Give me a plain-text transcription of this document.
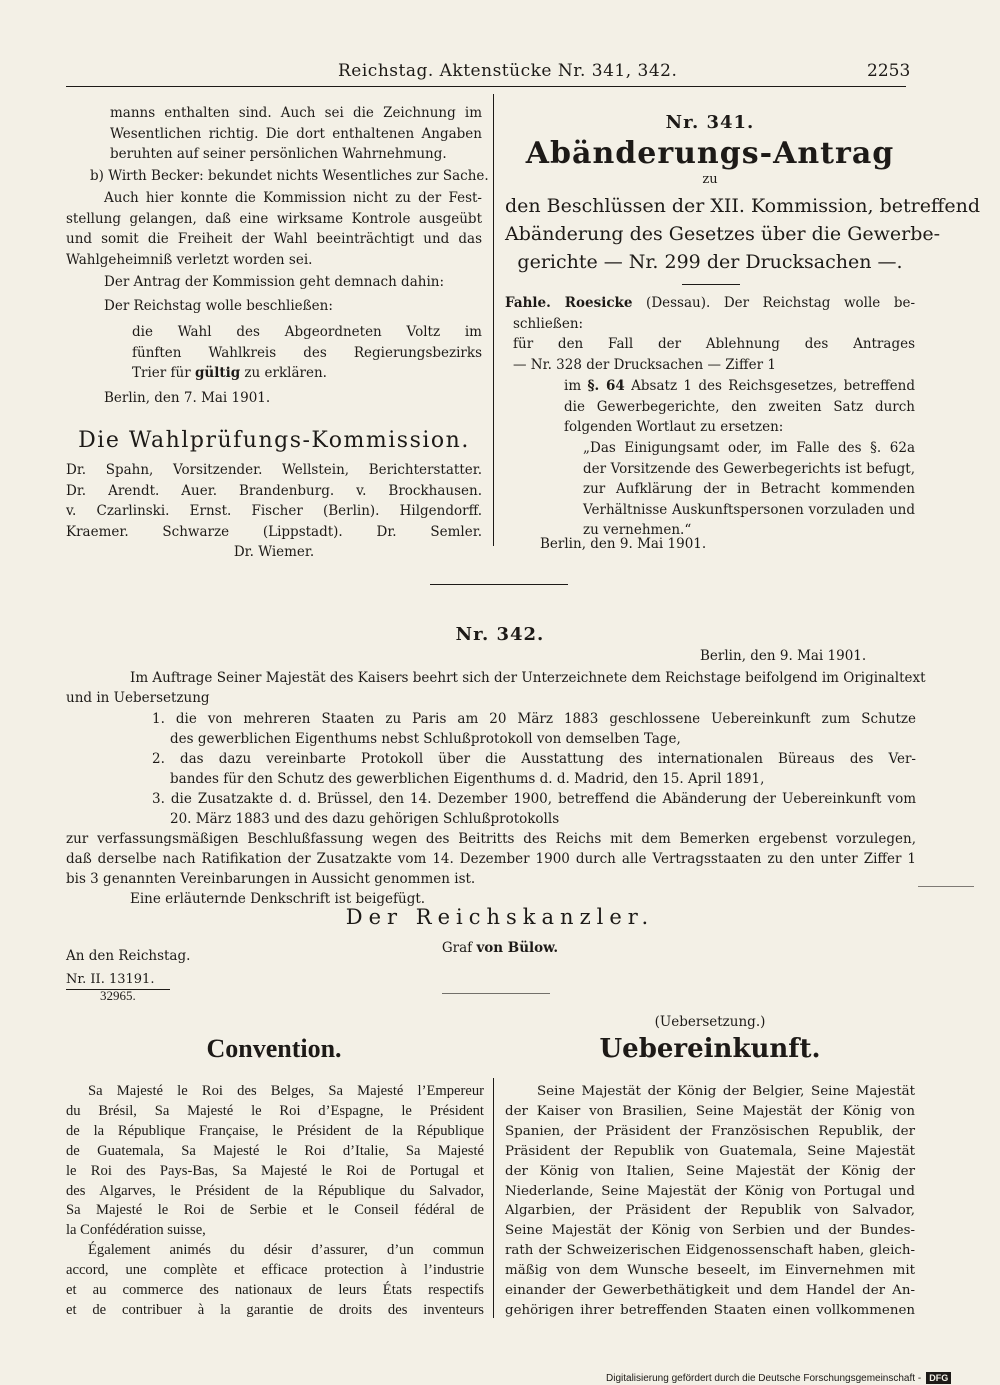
Reichstag. Aktenstücke Nr. 341, 342.	2253
manns enthalten sind. Auch sei die Zeichnung im
Wesentlichen richtig. Die dort enthaltenen Angaben
beruhten auf seiner persönlichen Wahrnehmung.
b) Wirth Becker: bekundet nichts Wesentliches zur Sache.
Auch hier konnte die Kommission nicht zu der Fest-
stellung gelangen, daß eine wirksame Kontrole ausgeübt
und somit die Freiheit der Wahl beeinträchtigt und das
Wahlgeheimniß verletzt worden sei.
Der Antrag der Kommission geht demnach dahin:
Der Reichstag wolle beschließen:
die Wahl des Abgeordneten Voltz im
fünften Wahlkreis des Regierungsbezirks
Trier für gültig zu erklären.
Berlin, den 7. Mai 1901.
Die Wahlprüfungs-Kommission.
Dr. Spahn, Vorsitzender. Wellstein, Berichterstatter.
Dr. Arendt. Auer. Brandenburg. v. Brockhausen.
v. Czarlinski. Ernst. Fischer (Berlin). Hilgendorff.
Kraemer. Schwarze (Lippstadt). Dr. Semler.
Dr. Wiemer.
Nr. 341.
Abänderungs-Antrag
zu
den Beschlüssen der XII. Kommission, betreffend
Abänderung des Gesetzes über die Gewerbe-
gerichte — Nr. 299 der Drucksachen —.
Fahle. Roesicke (Dessau). Der Reichstag wolle be-
schließen:
für den Fall der Ablehnung des Antrages
— Nr. 328 der Drucksachen — Ziffer 1
im §. 64 Absatz 1 des Reichsgesetzes, betreffend
die Gewerbegerichte, den zweiten Satz durch
folgenden Wortlaut zu ersetzen:
„Das Einigungsamt oder, im Falle des §. 62a
der Vorsitzende des Gewerbegerichts ist befugt,
zur Aufklärung der in Betracht kommenden
Verhältnisse Auskunftspersonen vorzuladen und
zu vernehmen.“
Berlin, den 9. Mai 1901.
Nr. 342.
Berlin, den 9. Mai 1901.
Im Auftrage Seiner Majestät des Kaisers beehrt sich der Unterzeichnete dem Reichstage beifolgend im Originaltext
und in Uebersetzung
1. die von mehreren Staaten zu Paris am 20 März 1883 geschlossene Uebereinkunft zum Schutze
des gewerblichen Eigenthums nebst Schlußprotokoll von demselben Tage,
2. das dazu vereinbarte Protokoll über die Ausstattung des internationalen Büreaus des Ver-
bandes für den Schutz des gewerblichen Eigenthums d. d. Madrid, den 15. April 1891,
3. die Zusatzakte d. d. Brüssel, den 14. Dezember 1900, betreffend die Abänderung der Uebereinkunft vom
20. März 1883 und des dazu gehörigen Schlußprotokolls
zur verfassungsmäßigen Beschlußfassung wegen des Beitritts des Reichs mit dem Bemerken ergebenst vorzulegen,
daß derselbe nach Ratifikation der Zusatzakte vom 14. Dezember 1900 durch alle Vertragsstaaten zu den unter Ziffer 1
bis 3 genannten Vereinbarungen in Aussicht genommen ist.
Eine erläuternde Denkschrift ist beigefügt.
Der Reichskanzler.
Graf von Bülow.
An den Reichstag.
Nr. II. 13191.
32965.
(Uebersetzung.)
Convention.	Uebereinkunft.
Sa Majesté le Roi des Belges, Sa Majesté l’Empereur
du Brésil, Sa Majesté le Roi d’Espagne, le Président
de la République Française, le Président de la République
de Guatemala, Sa Majesté le Roi d’Italie, Sa Majesté
le Roi des Pays-Bas, Sa Majesté le Roi de Portugal et
des Algarves, le Président de la République du Salvador,
Sa Majesté le Roi de Serbie et le Conseil fédéral de
la Confédération suisse,
Également animés du désir d’assurer, d’un commun
accord, une complète et efficace protection à l’industrie
et au commerce des nationaux de leurs États respectifs
et de contribuer à la garantie de droits des inventeurs
Seine Majestät der König der Belgier, Seine Majestät
der Kaiser von Brasilien, Seine Majestät der König von
Spanien, der Präsident der Französischen Republik, der
Präsident der Republik von Guatemala, Seine Majestät
der König von Italien, Seine Majestät der König der
Niederlande, Seine Majestät der König von Portugal und
Algarbien, der Präsident der Republik von Salvador,
Seine Majestät der König von Serbien und der Bundes-
rath der Schweizerischen Eidgenossenschaft haben, gleich-
mäßig von dem Wunsche beseelt, im Einvernehmen mit
einander der Gewerbethätigkeit und dem Handel der An-
gehörigen ihrer betreffenden Staaten einen vollkommenen
Digitalisierung gefördert durch die Deutsche Forschungsgemeinschaft - DFG
